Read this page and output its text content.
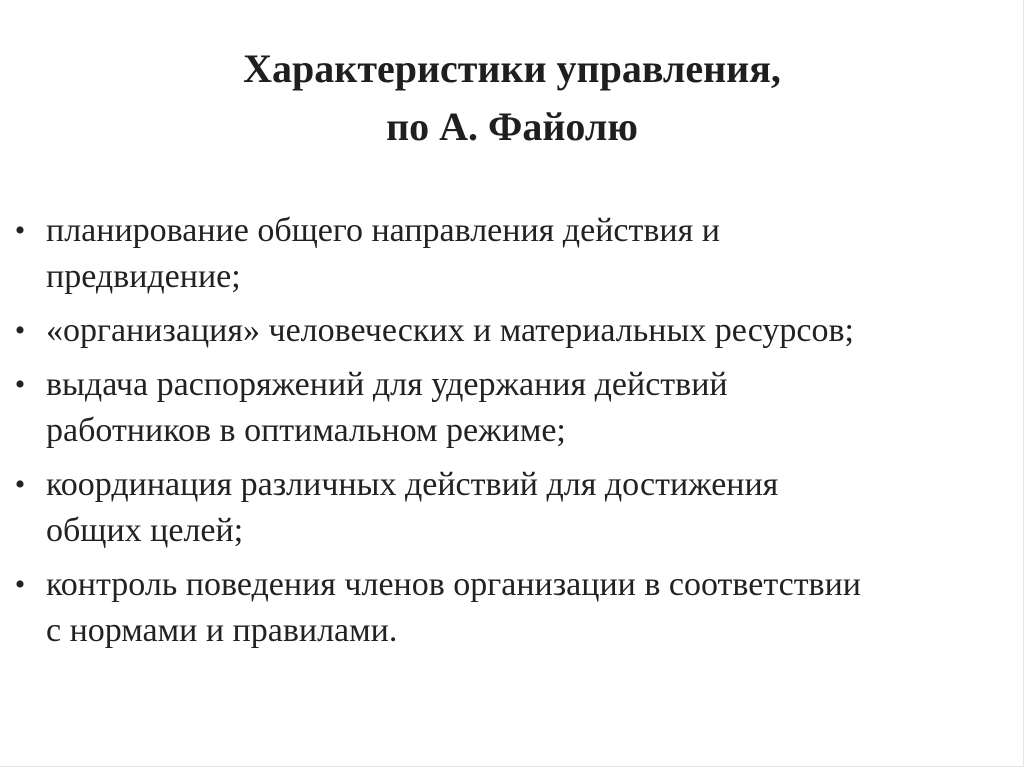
Характеристики управления,
по А. Файолю
• планирование общего направления действия и
предвидение;
• «организация» человеческих и материальных ресурсов;
• выдача распоряжений для удержания действий
работников в оптимальном режиме;
• координация различных действий для достижения
общих целей;
• контроль поведения членов организации в соответствии
с нормами и правилами.
